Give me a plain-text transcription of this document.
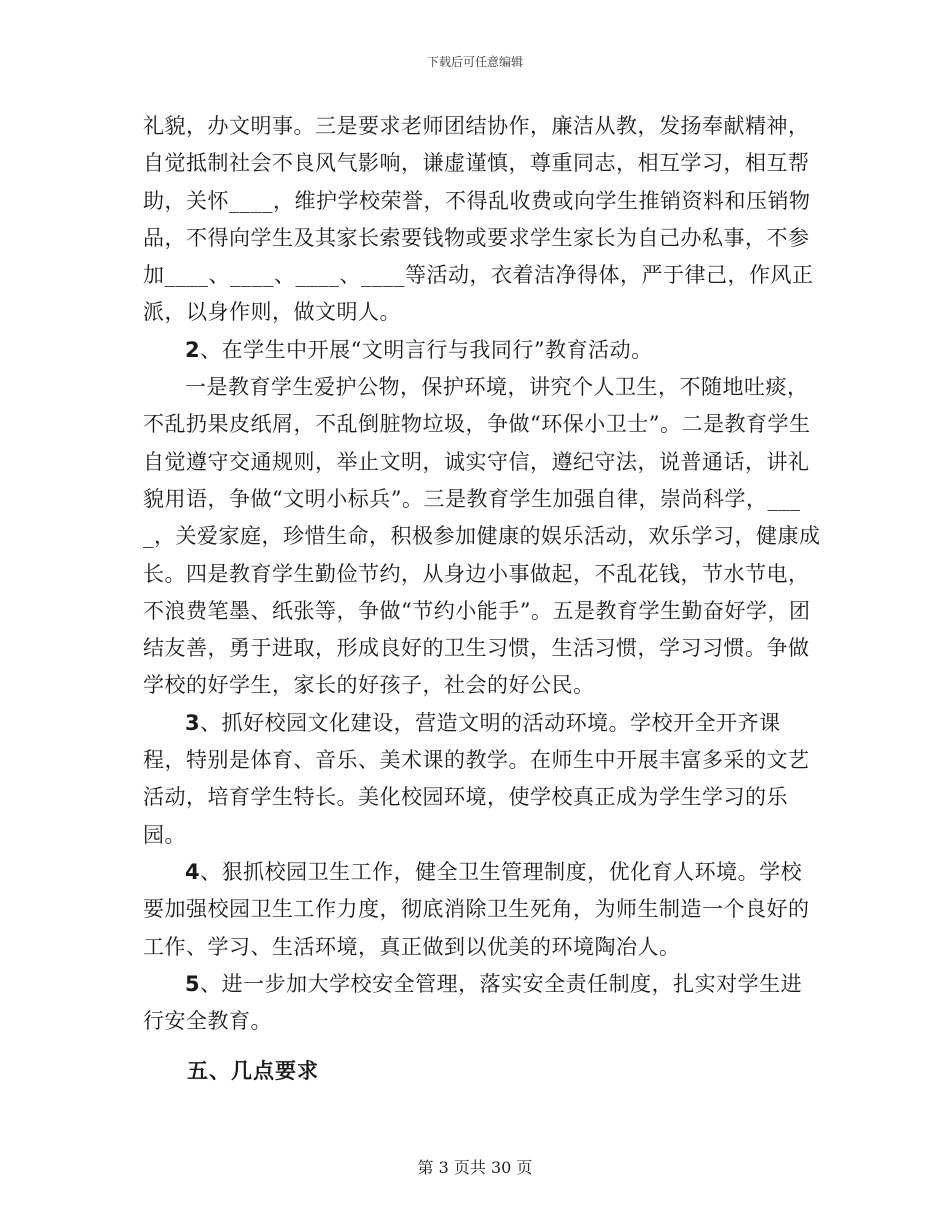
下载后可任意编辑

礼貌，办文明事。三是要求老师团结协作，廉洁从教，发扬奉献精神，自觉抵制社会不良风气影响，谦虚谨慎，尊重同志，相互学习，相互帮助，关怀____，维护学校荣誉，不得乱收费或向学生推销资料和压销物品，不得向学生及其家长索要钱物或要求学生家长为自己办私事，不参加____、____、____、____等活动，衣着洁净得体，严于律己，作风正派，以身作则，做文明人。

2、在学生中开展“文明言行与我同行”教育活动。

一是教育学生爱护公物，保护环境，讲究个人卫生，不随地吐痰，不乱扔果皮纸屑，不乱倒脏物垃圾，争做“环保小卫士”。二是教育学生自觉遵守交通规则，举止文明，诚实守信，遵纪守法，说普通话，讲礼貌用语，争做“文明小标兵”。三是教育学生加强自律，崇尚科学，____，关爱家庭，珍惜生命，积极参加健康的娱乐活动，欢乐学习，健康成长。四是教育学生勤俭节约，从身边小事做起，不乱花钱，节水节电，不浪费笔墨、纸张等，争做“节约小能手”。五是教育学生勤奋好学，团结友善，勇于进取，形成良好的卫生习惯，生活习惯，学习习惯。争做学校的好学生，家长的好孩子，社会的好公民。

3、抓好校园文化建设，营造文明的活动环境。学校开全开齐课程，特别是体育、音乐、美术课的教学。在师生中开展丰富多采的文艺活动，培育学生特长。美化校园环境，使学校真正成为学生学习的乐园。

4、狠抓校园卫生工作，健全卫生管理制度，优化育人环境。学校要加强校园卫生工作力度，彻底消除卫生死角，为师生制造一个良好的工作、学习、生活环境，真正做到以优美的环境陶冶人。

5、进一步加大学校安全管理，落实安全责任制度，扎实对学生进行安全教育。

五、几点要求

第 3 页共 30 页
